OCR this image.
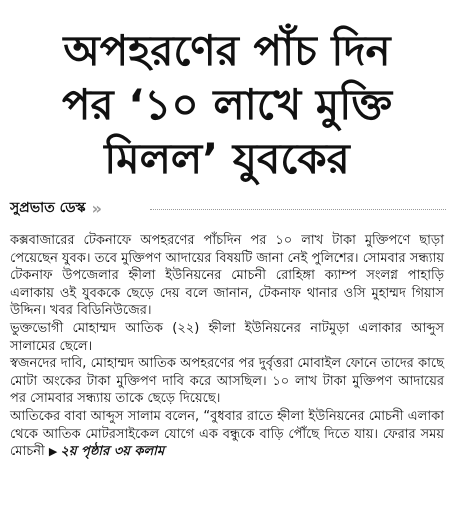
অপহরণের পাঁচ দিন
পর ‘১০ লাখে মুক্তি
মিলল’ যুবকের
সুপ্রভাত ডেস্ক »

কক্সবাজারের টেকনাফে অপহরণের পাঁচদিন পর ১০ লাখ টাকা মুক্তিপণে ছাড়া পেয়েছেন যুবক। তবে মুক্তিপণ আদায়ের বিষয়টি জানা নেই পুলিশের। সোমবার সন্ধ্যায় টেকনাফ উপজেলার হ্নীলা ইউনিয়নের মোচনী রোহিঙ্গা ক্যাম্প সংলগ্ন পাহাড়ি এলাকায় ওই যুবককে ছেড়ে দেয় বলে জানান, টেকনাফ থানার ওসি মুহাম্মদ গিয়াস উদ্দিন। খবর বিডিনিউজের।

ভুক্তভোগী মোহাম্মদ আতিক (২২) হ্নীলা ইউনিয়নের নাটমুড়া এলাকার আব্দুস সালামের ছেলে।

স্বজনদের দাবি, মোহাম্মদ আতিক অপহরণের পর দুর্বৃত্তরা মোবাইল ফোনে তাদের কাছে মোটা অংকের টাকা মুক্তিপণ দাবি করে আসছিল। ১০ লাখ টাকা মুক্তিপণ আদায়ের পর সোমবার সন্ধ্যায় তাকে ছেড়ে দিয়েছে।

আতিকের বাবা আব্দুস সালাম বলেন, “বুধবার রাতে হ্নীলা ইউনিয়নের মোচনী এলাকা থেকে আতিক মোটরসাইকেল যোগে এক বন্ধুকে বাড়ি পৌঁছে দিতে যায়। ফেরার সময় মোচনী ▶ ২য় পৃষ্ঠার ৩য় কলাম
